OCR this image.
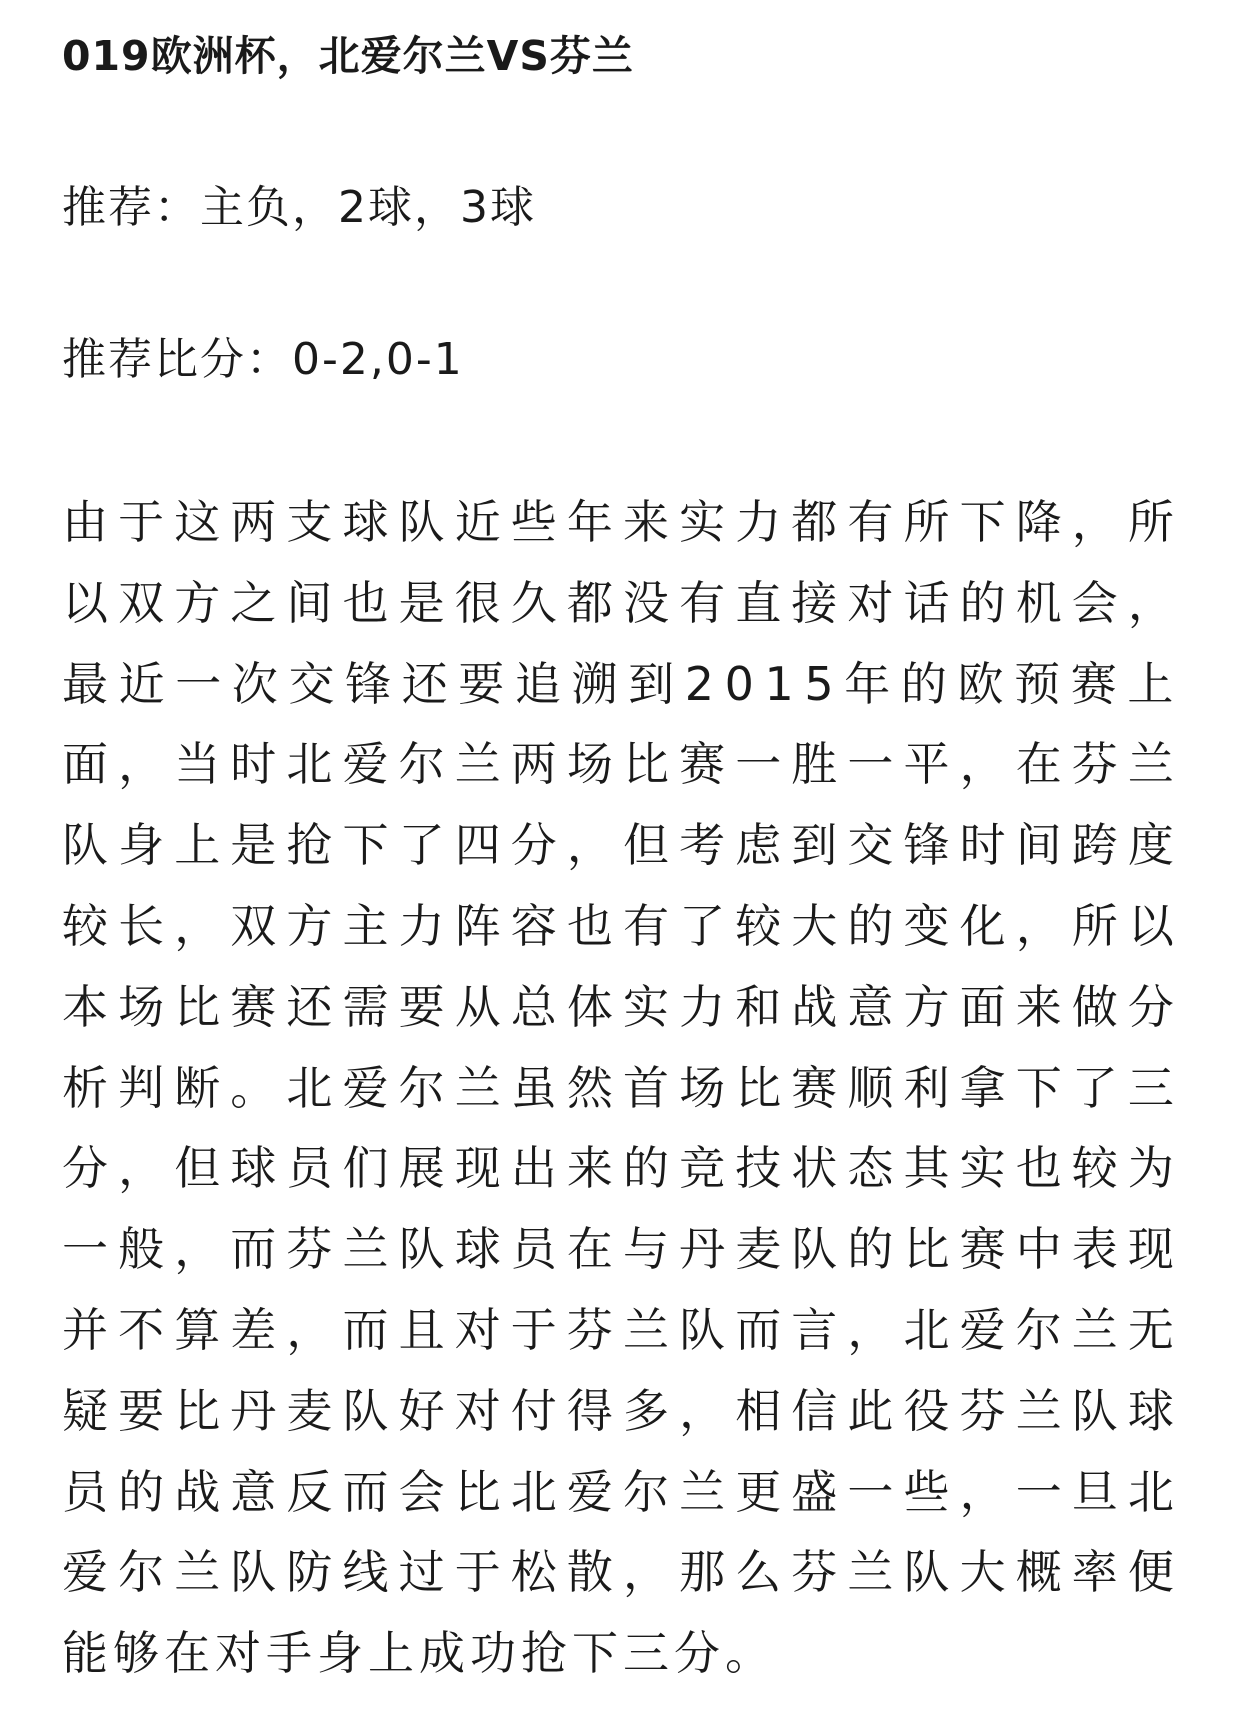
019欧洲杯，北爱尔兰VS芬兰

推荐：主负，2球，3球

推荐比分：0-2,0-1

由于这两支球队近些年来实力都有所下降，所
以双方之间也是很久都没有直接对话的机会，
最近一次交锋还要追溯到2015年的欧预赛上
面，当时北爱尔兰两场比赛一胜一平，在芬兰
队身上是抢下了四分，但考虑到交锋时间跨度
较长，双方主力阵容也有了较大的变化，所以
本场比赛还需要从总体实力和战意方面来做分
析判断。北爱尔兰虽然首场比赛顺利拿下了三
分，但球员们展现出来的竞技状态其实也较为
一般，而芬兰队球员在与丹麦队的比赛中表现
并不算差，而且对于芬兰队而言，北爱尔兰无
疑要比丹麦队好对付得多，相信此役芬兰队球
员的战意反而会比北爱尔兰更盛一些，一旦北
爱尔兰队防线过于松散，那么芬兰队大概率便
能够在对手身上成功抢下三分。
